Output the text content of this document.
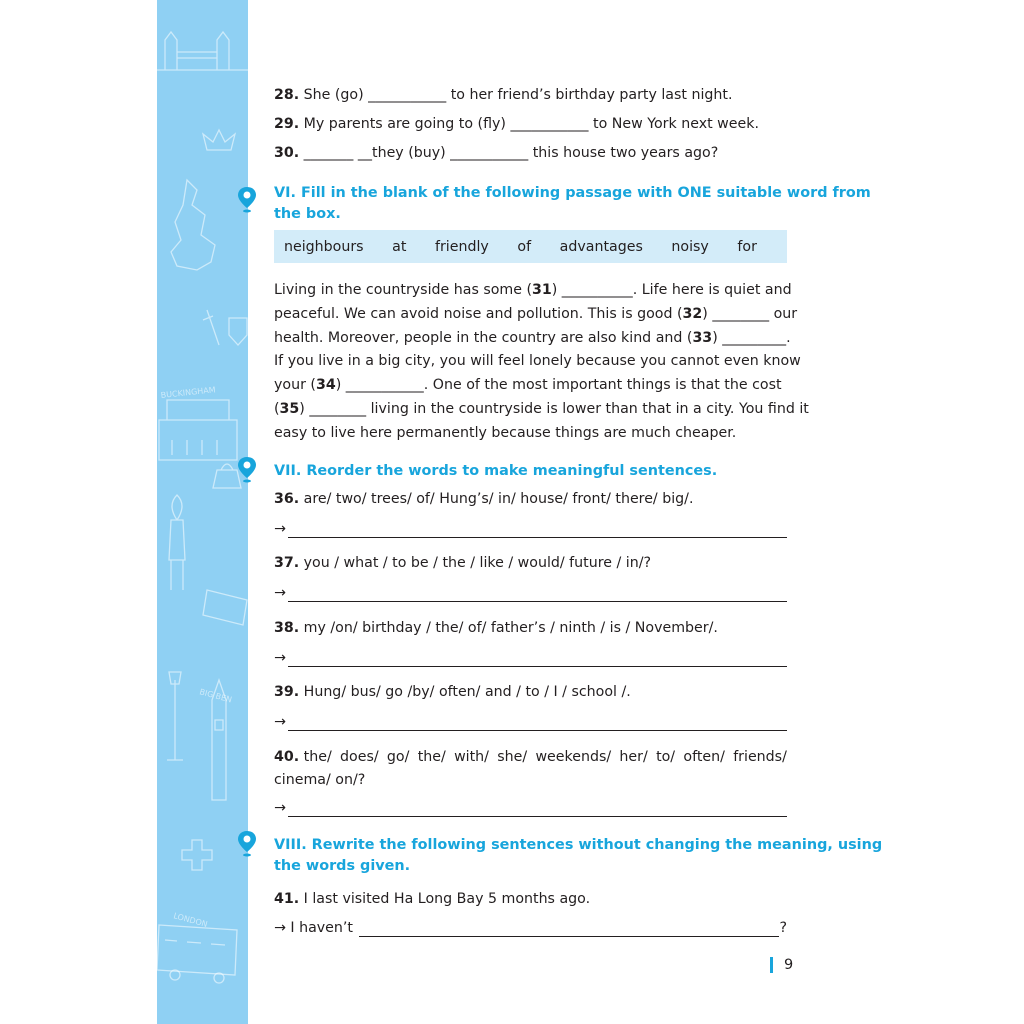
BUCKINGHAM
BIG BEN
LONDON
28. She (go) ___________ to her friend’s birthday party last night.
29. My parents are going to (fly) ___________ to New York next week.
30. _______ __they (buy) ___________ this house two years ago?
VI. Fill in the blank of the following passage with ONE suitable word from
the box.
neighbours at friendly of advantages noisy for
Living in the countryside has some (31) __________. Life here is quiet and
peaceful. We can avoid noise and pollution. This is good (32) ________ our
health. Moreover, people in the country are also kind and (33) _________.
If you live in a big city, you will feel lonely because you cannot even know
your (34) ___________. One of the most important things is that the cost
(35) ________ living in the countryside is lower than that in a city. You find it
easy to live here permanently because things are much cheaper.
VII. Reorder the words to make meaningful sentences.
36. are/ two/ trees/ of/ Hung’s/ in/ house/ front/ there/ big/.
→
37. you / what / to be / the / like / would/ future / in/?
→
38. my /on/ birthday / the/ of/ father’s / ninth / is / November/.
→
39. Hung/ bus/ go /by/ often/ and / to / I / school /.
→
40. the/ does/ go/ the/ with/ she/ weekends/ her/ to/ often/ friends/
cinema/ on/?
→
VIII. Rewrite the following sentences without changing the meaning, using
the words given.
41. I last visited Ha Long Bay 5 months ago.
→ I haven’t	?
9
